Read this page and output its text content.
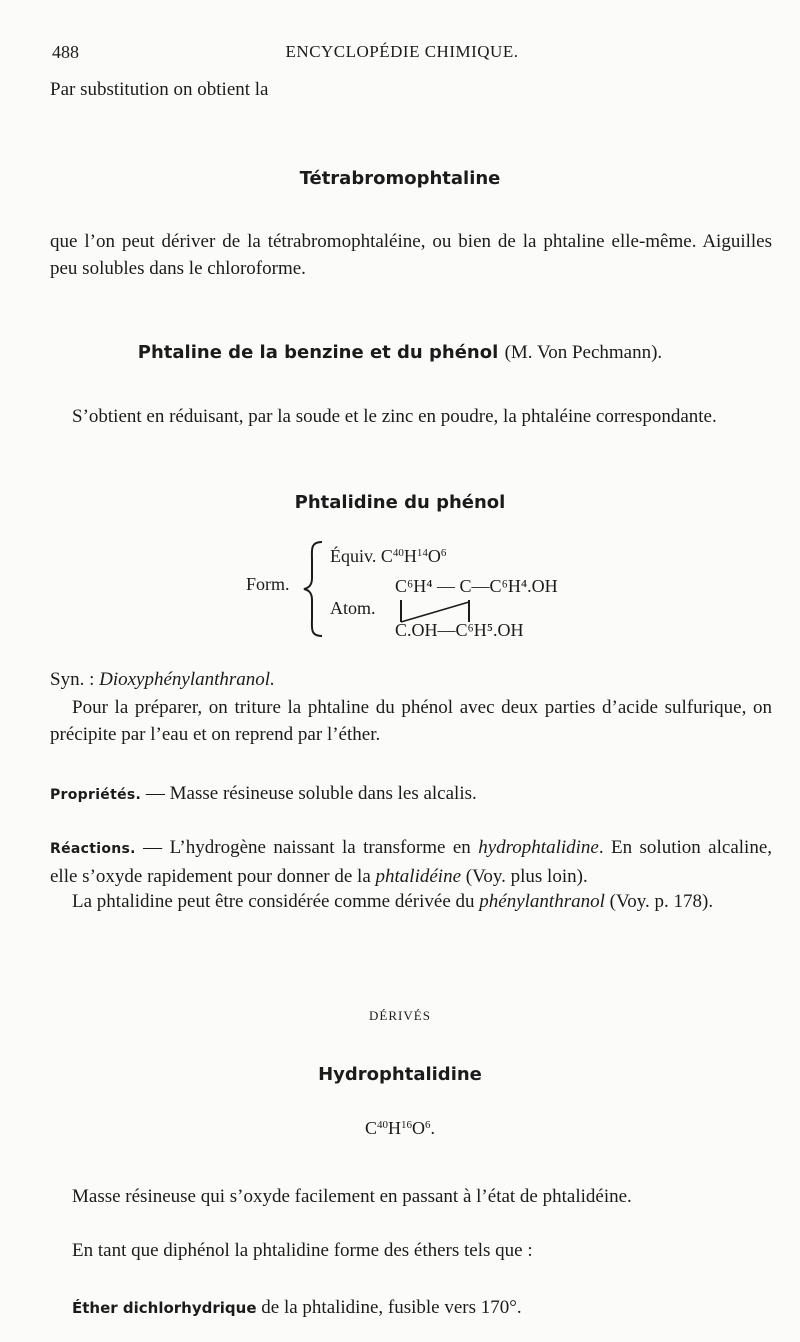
488	ENCYCLOPÉDIE CHIMIQUE.
Par substitution on obtient la
Tétrabromophtaline
que l’on peut dériver de la tétrabromophtaléine, ou bien de la phtaline elle-même. Aiguilles peu solubles dans le chloroforme.
Phtaline de la benzine et du phénol (M. Von Pechmann).
S’obtient en réduisant, par la soude et le zinc en poudre, la phtaléine correspondante.
Phtalidine du phénol
Form.
Équiv. $C^{40}H^{14}O^6$
C⁶H⁴ — C—C⁶H⁴.OH
Atom.
C.OH—C⁶H⁵.OH
Syn. : Dioxyphénylanthranol.
Pour la préparer, on triture la phtaline du phénol avec deux parties d’acide sulfurique, on précipite par l’eau et on reprend par l’éther.
Propriétés. — Masse résineuse soluble dans les alcalis.
Réactions. — L’hydrogène naissant la transforme en hydrophtalidine. En solution alcaline, elle s’oxyde rapidement pour donner de la phtalidéine (Voy. plus loin).
La phtalidine peut être considérée comme dérivée du phénylanthranol (Voy. p. 178).
DÉRIVÉS
Hydrophtalidine
$C^{40}H^{16}O^6$.
Masse résineuse qui s’oxyde facilement en passant à l’état de phtalidéine.
En tant que diphénol la phtalidine forme des éthers tels que :
Éther dichlorhydrique de la phtalidine, fusible vers 170°.
